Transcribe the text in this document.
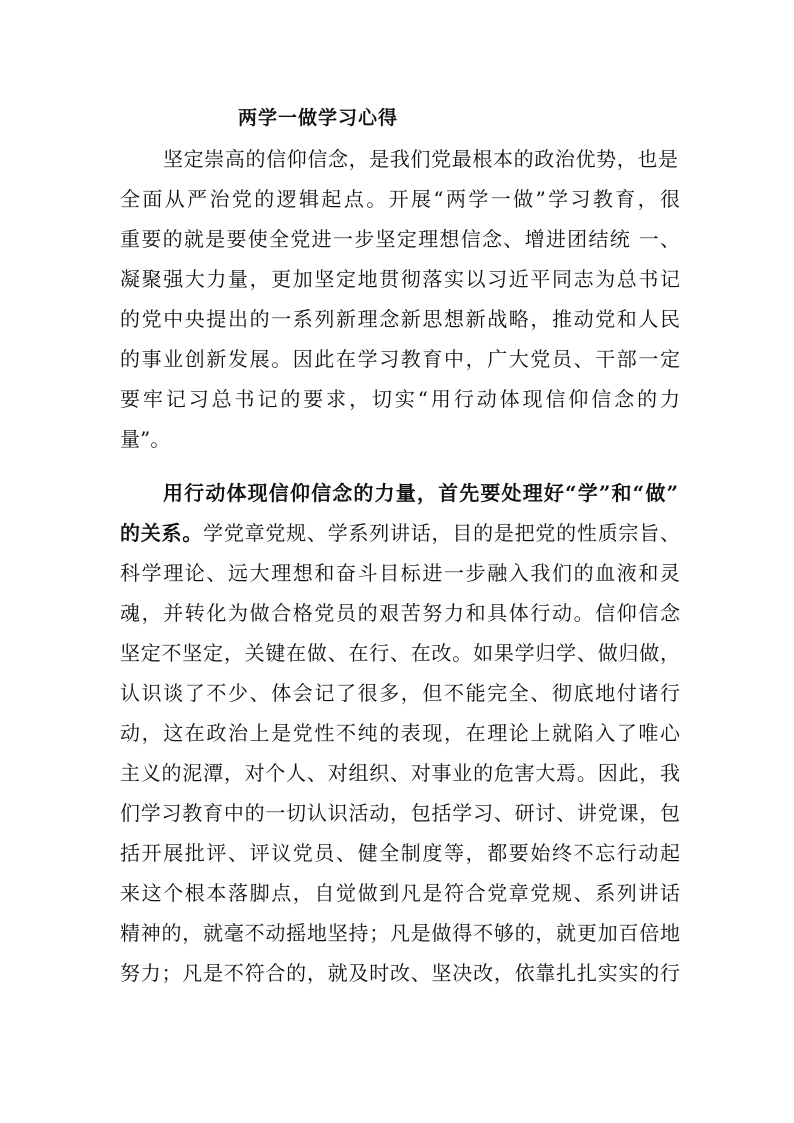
两学一做学习心得
坚定崇高的信仰信念，是我们党最根本的政治优势，也是
全面从严治党的逻辑起点。开展“两学一做”学习教育，很
重要的就是要使全党进一步坚定理想信念、增进团结统 一、
凝聚强大力量，更加坚定地贯彻落实以习近平同志为总书记
的党中央提出的一系列新理念新思想新战略，推动党和人民
的事业创新发展。因此在学习教育中，广大党员、干部一定
要牢记习总书记的要求，切实“用行动体现信仰信念的力
量”。
用行动体现信仰信念的力量，首先要处理好“学”和“做”
的关系。学党章党规、学系列讲话，目的是把党的性质宗旨、
科学理论、远大理想和奋斗目标进一步融入我们的血液和灵
魂，并转化为做合格党员的艰苦努力和具体行动。信仰信念
坚定不坚定，关键在做、在行、在改。如果学归学、做归做，
认识谈了不少、体会记了很多，但不能完全、彻底地付诸行
动，这在政治上是党性不纯的表现，在理论上就陷入了唯心
主义的泥潭，对个人、对组织、对事业的危害大焉。因此，我
们学习教育中的一切认识活动，包括学习、研讨、讲党课，包
括开展批评、评议党员、健全制度等，都要始终不忘行动起
来这个根本落脚点，自觉做到凡是符合党章党规、系列讲话
精神的，就毫不动摇地坚持；凡是做得不够的，就更加百倍地
努力；凡是不符合的，就及时改、坚决改，依靠扎扎实实的行
